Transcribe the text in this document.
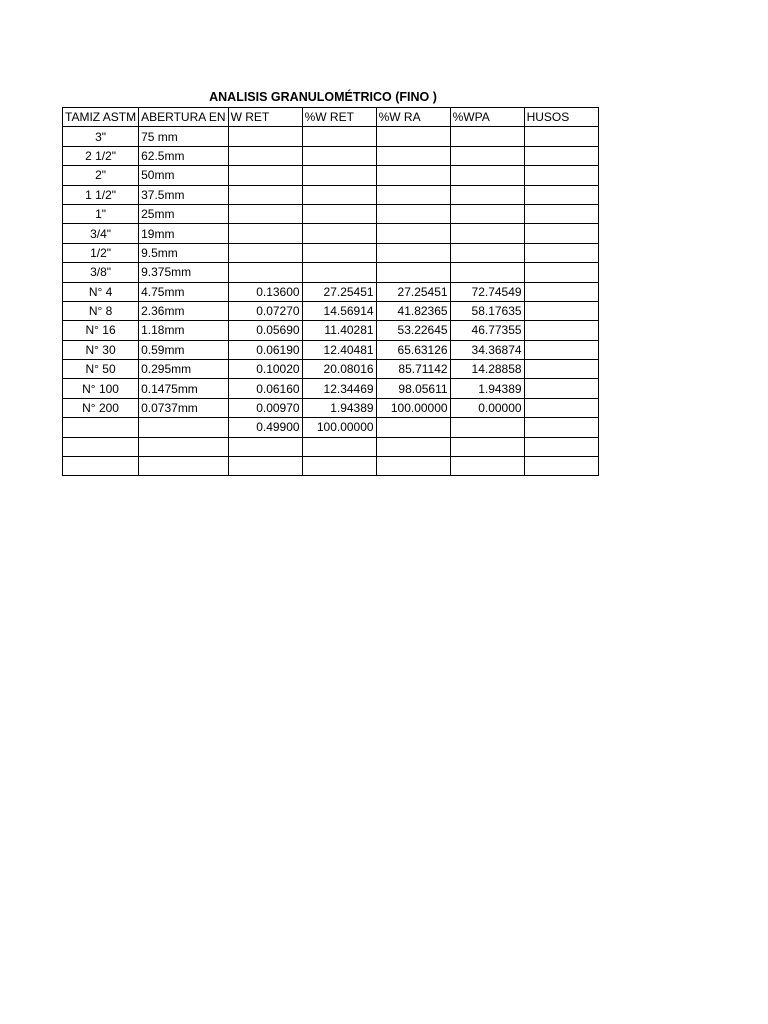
ANALISIS GRANULOMÉTRICO (FINO )
TAMIZ ASTM	ABERTURA EN	W RET	%W RET	%W RA	%WPA	HUSOS
3"	75 mm					
2 1/2"	62.5mm					
2"	50mm					
1 1/2"	37.5mm					
1"	25mm					
3/4"	19mm					
1/2"	9.5mm					
3/8"	9.375mm					
N° 4	4.75mm	0.13600	27.25451	27.25451	72.74549	
N° 8	2.36mm	0.07270	14.56914	41.82365	58.17635	
N° 16	1.18mm	0.05690	11.40281	53.22645	46.77355	
N° 30	0.59mm	0.06190	12.40481	65.63126	34.36874	
N° 50	0.295mm	0.10020	20.08016	85.71142	14.28858	
N° 100	0.1475mm	0.06160	12.34469	98.05611	1.94389	
N° 200	0.0737mm	0.00970	1.94389	100.00000	0.00000	
		0.49900	100.00000			
